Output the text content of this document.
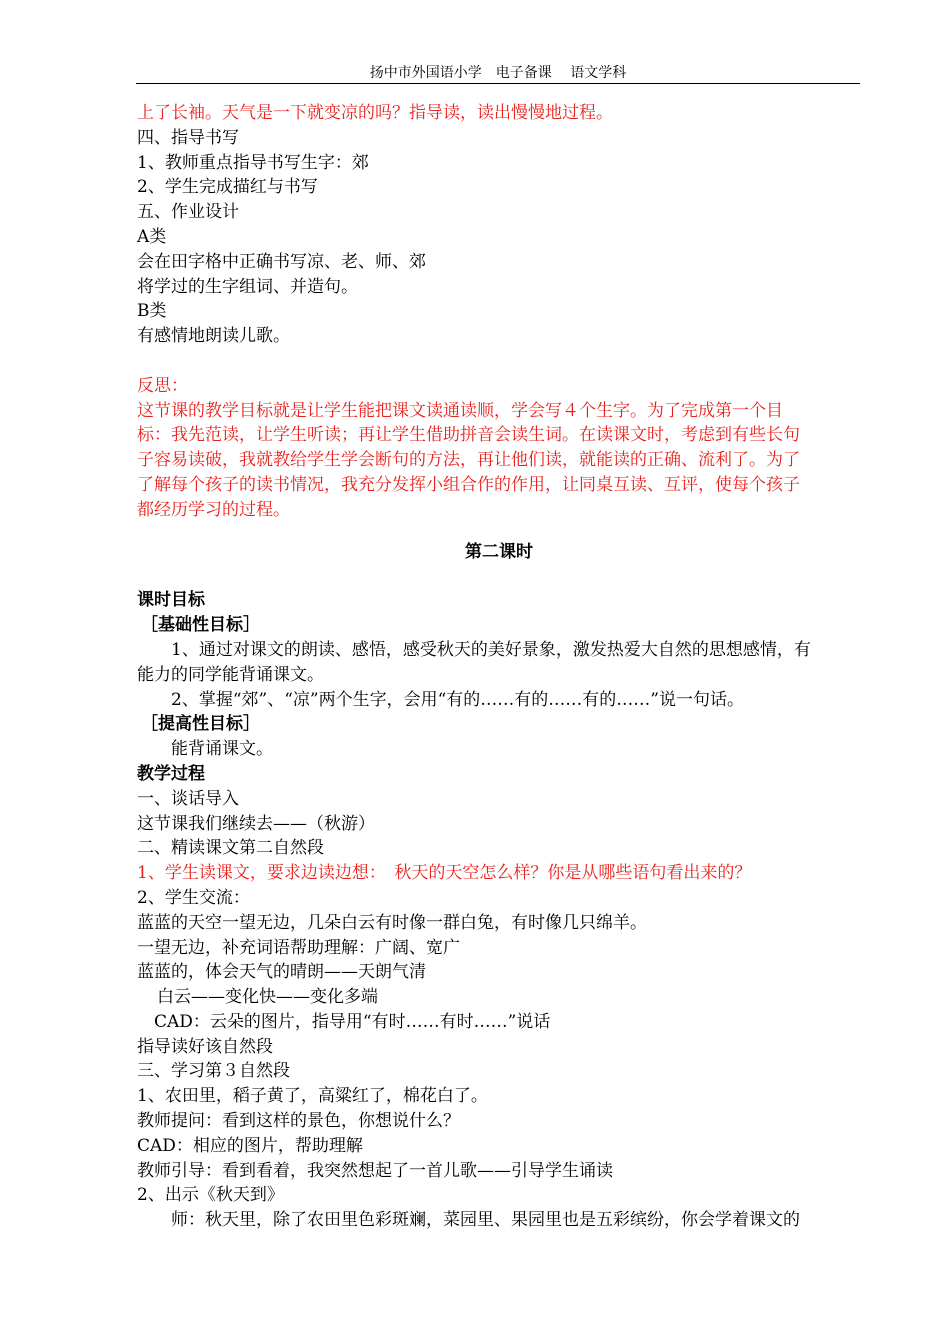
扬中市外国语小学　电子备课　 语文学科
上了长袖。天气是一下就变凉的吗？指导读，读出慢慢地过程。
四、指导书写
1、教师重点指导书写生字：郊
2、学生完成描红与书写
五、作业设计
A类
会在田字格中正确书写凉、老、师、郊
将学过的生字组词、并造句。
B类
有感情地朗读儿歌。
反思：
这节课的教学目标就是让学生能把课文读通读顺，学会写４个生字。为了完成第一个目
标：我先范读，让学生听读；再让学生借助拼音会读生词。在读课文时，考虑到有些长句
子容易读破，我就教给学生学会断句的方法，再让他们读，就能读的正确、流利了。为了
了解每个孩子的读书情况，我充分发挥小组合作的作用，让同桌互读、互评，使每个孩子
都经历学习的过程。
第二课时
课时目标
［基础性目标］
1、通过对课文的朗读、感悟，感受秋天的美好景象，激发热爱大自然的思想感情，有
能力的同学能背诵课文。
2、掌握“郊”、“凉”两个生字，会用“有的……有的……有的……”说一句话。
［提高性目标］
能背诵课文。
教学过程
一、谈话导入
这节课我们继续去——（秋游）
二、精读课文第二自然段
1、学生读课文，要求边读边想：　秋天的天空怎么样？你是从哪些语句看出来的？
2、学生交流：
蓝蓝的天空一望无边，几朵白云有时像一群白兔，有时像几只绵羊。
一望无边，补充词语帮助理解：广阔、宽广
蓝蓝的，体会天气的晴朗——天朗气清
白云——变化快——变化多端
CAD：云朵的图片，指导用“有时……有时……”说话
指导读好该自然段
三、学习第３自然段
1、农田里，稻子黄了，高粱红了，棉花白了。
教师提问：看到这样的景色，你想说什么？
CAD：相应的图片，帮助理解
教师引导：看到看着，我突然想起了一首儿歌——引导学生诵读
2、出示《秋天到》
师：秋天里，除了农田里色彩斑斓，菜园里、果园里也是五彩缤纷，你会学着课文的
